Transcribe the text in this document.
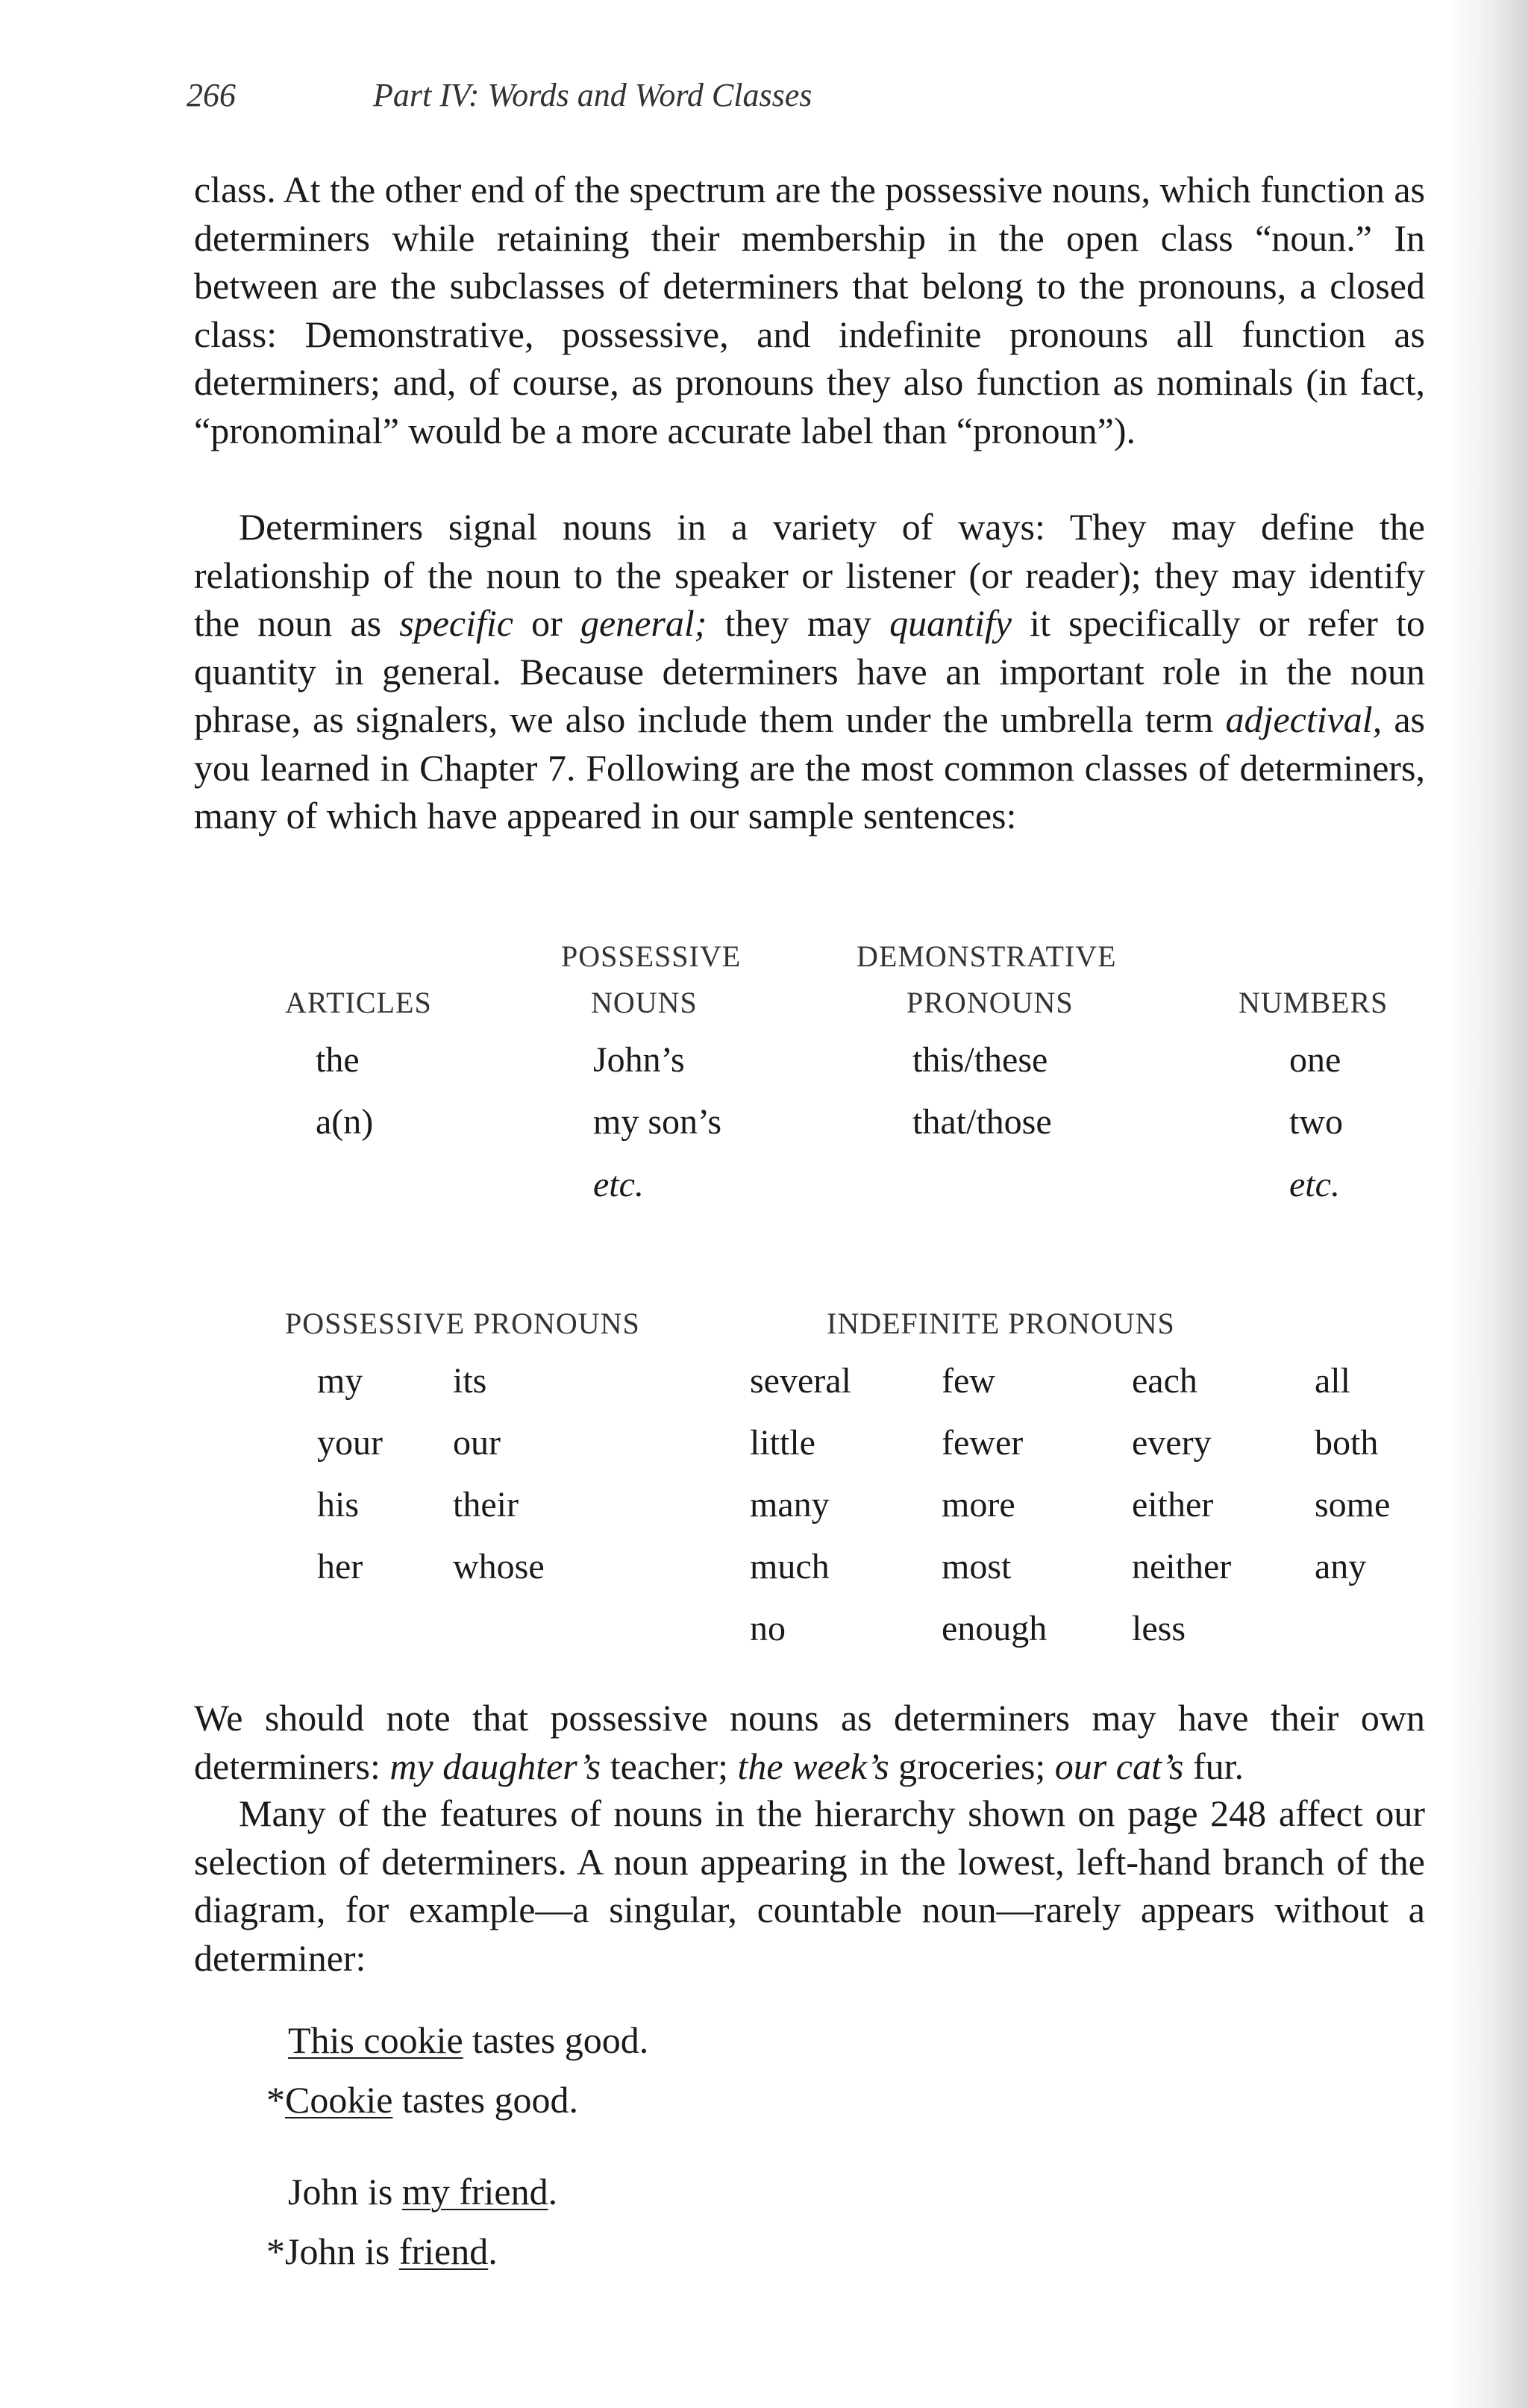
266	Part IV: Words and Word Classes

class. At the other end of the spectrum are the possessive nouns, which function as determiners while retaining their membership in the open class “noun.” In between are the subclasses of determiners that belong to the pronouns, a closed class: Demonstrative, possessive, and indefinite pronouns all function as determiners; and, of course, as pronouns they also function as nominals (in fact, “pronominal” would be a more accurate label than “pronoun”).

Determiners signal nouns in a variety of ways: They may define the relationship of the noun to the speaker or listener (or reader); they may identify the noun as specific or general; they may quantify it specifically or refer to quantity in general. Because determiners have an important role in the noun phrase, as signalers, we also include them under the umbrella term adjectival, as you learned in Chapter 7. Following are the most common classes of determiners, many of which have appeared in our sample sentences:

ARTICLES
the
a(n)
POSSESSIVE
NOUNS
John’s
my son’s
etc.
DEMONSTRATIVE
PRONOUNS
this/these
that/those
NUMBERS
one
two
etc.
POSSESSIVE PRONOUNS
my
your
his
her
its
our
their
whose
INDEFINITE PRONOUNS
several
little
many
much
no
few
fewer
more
most
enough
each
every
either
neither
less
all
both
some
any

We should note that possessive nouns as determiners may have their own determiners: my daughter’s teacher; the week’s groceries; our cat’s fur.

Many of the features of nouns in the hierarchy shown on page 248 affect our selection of determiners. A noun appearing in the lowest, left-hand branch of the diagram, for example—a singular, countable noun—rarely appears without a determiner:

This cookie tastes good.
*Cookie tastes good.
John is my friend.
*John is friend.
